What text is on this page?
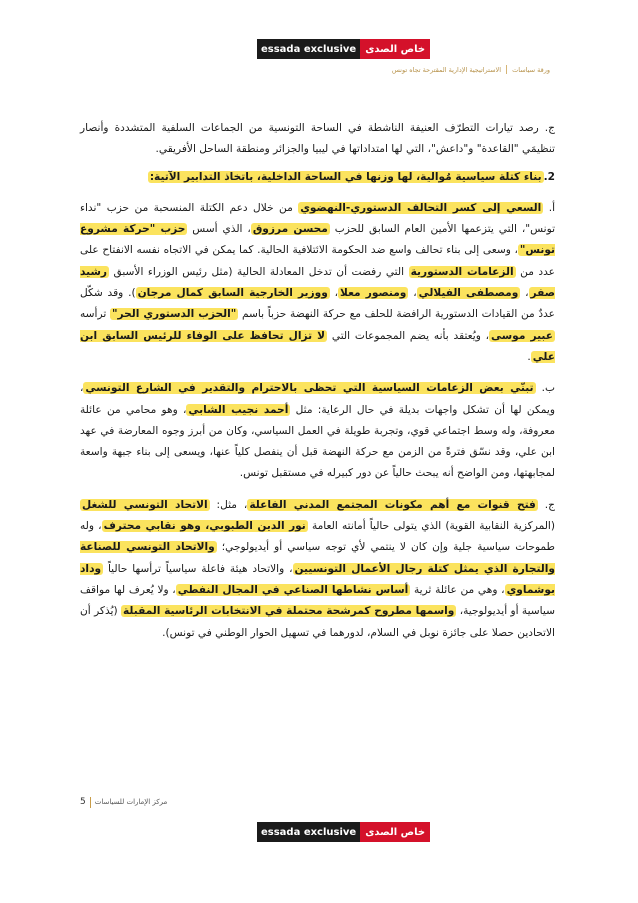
essada exclusive خاص الصدى
ورقة سياسات
|
الاستراتيجية الإدارية المقترحة تجاه تونس

ج. رصد تيارات التطرّف العنيفة الناشطة في الساحة التونسية من الجماعات السلفية المتشددة وأنصار تنظيمَي "القاعدة" و"داعش"، التي لها امتداداتها في ليبيا والجزائر ومنطقة الساحل الأفريقي.

2.بناء كتلة سياسية مُوالية، لها وزنها في الساحة الداخلية، باتخاذ التدابير الآتية:

أ. السعي إلى كسر التحالف الدستوري-النهضوي من خلال دعم الكتلة المنسحبة من حزب "نداء تونس"، التي يتزعمها الأمين العام السابق للحزب محسن مرزوق، الذي أسس حزب "حركة مشروع تونس"، وسعى إلى بناء تحالف واسع ضد الحكومة الائتلافية الحالية. كما يمكن في الاتجاه نفسه الانفتاح على عدد من الزعامات الدستورية التي رفضت أن تدخل المعادلة الحالية (مثل رئيس الوزراء الأسبق رشيد صفر، ومصطفى الفيلالي، ومنصور معلا، ووزير الخارجية السابق كمال مرجان). وقد شكّل عددٌ من القيادات الدستورية الرافضة للحلف مع حركة النهضة حزباً باسم "الحزب الدستوري الحر" ترأسه عبير موسى، ويُعتقد بأنه يضم المجموعات التي لا تزال تحافظ على الوفاء للرئيس السابق ابن علي.

ب. تبنّي بعض الزعامات السياسية التي تحظى بالاحترام والتقدير في الشارع التونسي، ويمكن لها أن تشكل واجهات بديلة في حال الرعاية: مثل أحمد نجيب الشابي، وهو محامي من عائلة معروفة، وله وسط اجتماعي قوي، وتجربة طويلة في العمل السياسي، وكان من أبرز وجوه المعارضة في عهد ابن علي، وقد نسّق فترةً من الزمن مع حركة النهضة قبل أن ينفصل كلياً عنها، ويسعى إلى بناء جبهة واسعة لمجابهتها، ومن الواضح أنه يبحث حالياً عن دور كبيرله في مستقبل تونس.

ج. فتح قنوات مع أهم مكونات المجتمع المدني الفاعلة، مثل: الاتحاد التونسي للشغل (المركزية النقابية القوية) الذي يتولى حالياً أمانته العامة نور الدين الطبوبي، وهو نقابي محترف، وله طموحات سياسية جلية وإن كان لا ينتمي لأي توجه سياسي أو أيديولوجي؛ والاتحاد التونسي للصناعة والتجارة الذي يمثل كتلة رجال الأعمال التونسيين، والاتحاد هيئة فاعلة سياسياً ترأسها حالياً وداد بوشماوي، وهي من عائلة ثرية أساس نشاطها الصناعي في المجال النفطي، ولا يُعرف لها مواقف سياسية أو أيديولوجية، واسمها مطروح كمرشحة محتملة في الانتخابات الرئاسية المقبلة (يُذكر أن الاتحادين حصلا على جائزة نوبل في السلام، لدورهما في تسهيل الحوار الوطني في تونس).

5 مركز الإمارات للسياسات
essada exclusive خاص الصدى
